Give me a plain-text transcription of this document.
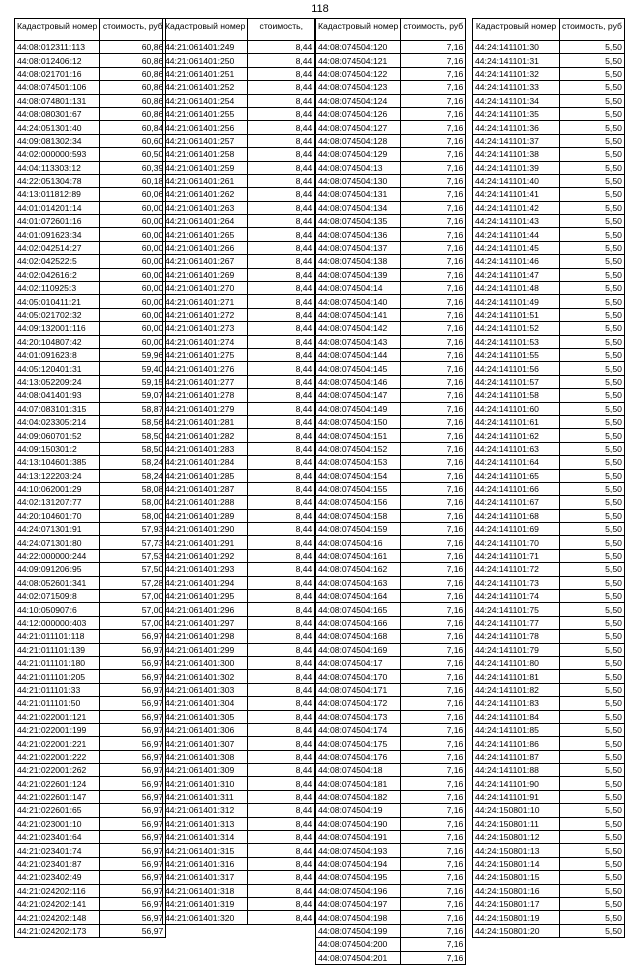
118
Кадастровый номер	стоимость, руб
44:08:012311:113	60,86
44:08:012406:12	60,86
44:08:021701:16	60,86
44:08:074501:106	60,86
44:08:074801:131	60,86
44:08:080301:67	60,86
44:24:051301:40	60,84
44:09:081302:34	60,60
44:02:000000:593	60,50
44:04:113303:12	60,39
44:22:051304:78	60,18
44:13:011812:89	60,06
44:01:014201:14	60,00
44:01:072601:16	60,00
44:01:091623:34	60,00
44:02:042514:27	60,00
44:02:042522:5	60,00
44:02:042616:2	60,00
44:02:110925:3	60,00
44:05:010411:21	60,00
44:05:021702:32	60,00
44:09:132001:116	60,00
44:20:104807:42	60,00
44:01:091623:8	59,96
44:05:120401:31	59,40
44:13:052209:24	59,15
44:08:041401:93	59,07
44:07:083101:315	58,87
44:04:023305:214	58,56
44:09:060701:52	58,50
44:09:150301:2	58,50
44:13:104601:385	58,24
44:13:122203:24	58,24
44:10:062001:29	58,08
44:02:131207:77	58,00
44:20:104601:70	58,00
44:24:071301:91	57,93
44:24:071301:80	57,73
44:22:000000:244	57,53
44:09:091206:95	57,50
44:08:052601:341	57,28
44:02:071509:8	57,00
44:10:050907:6	57,00
44:12:000000:403	57,00
44:21:011101:118	56,97
44:21:011101:139	56,97
44:21:011101:180	56,97
44:21:011101:205	56,97
44:21:011101:33	56,97
44:21:011101:50	56,97
44:21:022001:121	56,97
44:21:022001:199	56,97
44:21:022001:221	56,97
44:21:022001:222	56,97
44:21:022001:262	56,97
44:21:022601:124	56,97
44:21:022601:147	56,97
44:21:022601:65	56,97
44:21:023001:10	56,97
44:21:023401:64	56,97
44:21:023401:74	56,97
44:21:023401:87	56,97
44:21:023402:49	56,97
44:21:024202:116	56,97
44:21:024202:141	56,97
44:21:024202:148	56,97
44:21:024202:173	56,97
Кадастровый номер	стоимость,
44:21:061401:249	8,44
44:21:061401:250	8,44
44:21:061401:251	8,44
44:21:061401:252	8,44
44:21:061401:254	8,44
44:21:061401:255	8,44
44:21:061401:256	8,44
44:21:061401:257	8,44
44:21:061401:258	8,44
44:21:061401:259	8,44
44:21:061401:261	8,44
44:21:061401:262	8,44
44:21:061401:263	8,44
44:21:061401:264	8,44
44:21:061401:265	8,44
44:21:061401:266	8,44
44:21:061401:267	8,44
44:21:061401:269	8,44
44:21:061401:270	8,44
44:21:061401:271	8,44
44:21:061401:272	8,44
44:21:061401:273	8,44
44:21:061401:274	8,44
44:21:061401:275	8,44
44:21:061401:276	8,44
44:21:061401:277	8,44
44:21:061401:278	8,44
44:21:061401:279	8,44
44:21:061401:281	8,44
44:21:061401:282	8,44
44:21:061401:283	8,44
44:21:061401:284	8,44
44:21:061401:285	8,44
44:21:061401:287	8,44
44:21:061401:288	8,44
44:21:061401:289	8,44
44:21:061401:290	8,44
44:21:061401:291	8,44
44:21:061401:292	8,44
44:21:061401:293	8,44
44:21:061401:294	8,44
44:21:061401:295	8,44
44:21:061401:296	8,44
44:21:061401:297	8,44
44:21:061401:298	8,44
44:21:061401:299	8,44
44:21:061401:300	8,44
44:21:061401:302	8,44
44:21:061401:303	8,44
44:21:061401:304	8,44
44:21:061401:305	8,44
44:21:061401:306	8,44
44:21:061401:307	8,44
44:21:061401:308	8,44
44:21:061401:309	8,44
44:21:061401:310	8,44
44:21:061401:311	8,44
44:21:061401:312	8,44
44:21:061401:313	8,44
44:21:061401:314	8,44
44:21:061401:315	8,44
44:21:061401:316	8,44
44:21:061401:317	8,44
44:21:061401:318	8,44
44:21:061401:319	8,44
44:21:061401:320	8,44
Кадастровый номер	стоимость, руб
44:08:074504:120	7,16
44:08:074504:121	7,16
44:08:074504:122	7,16
44:08:074504:123	7,16
44:08:074504:124	7,16
44:08:074504:126	7,16
44:08:074504:127	7,16
44:08:074504:128	7,16
44:08:074504:129	7,16
44:08:074504:13	7,16
44:08:074504:130	7,16
44:08:074504:131	7,16
44:08:074504:134	7,16
44:08:074504:135	7,16
44:08:074504:136	7,16
44:08:074504:137	7,16
44:08:074504:138	7,16
44:08:074504:139	7,16
44:08:074504:14	7,16
44:08:074504:140	7,16
44:08:074504:141	7,16
44:08:074504:142	7,16
44:08:074504:143	7,16
44:08:074504:144	7,16
44:08:074504:145	7,16
44:08:074504:146	7,16
44:08:074504:147	7,16
44:08:074504:149	7,16
44:08:074504:150	7,16
44:08:074504:151	7,16
44:08:074504:152	7,16
44:08:074504:153	7,16
44:08:074504:154	7,16
44:08:074504:155	7,16
44:08:074504:156	7,16
44:08:074504:158	7,16
44:08:074504:159	7,16
44:08:074504:16	7,16
44:08:074504:161	7,16
44:08:074504:162	7,16
44:08:074504:163	7,16
44:08:074504:164	7,16
44:08:074504:165	7,16
44:08:074504:166	7,16
44:08:074504:168	7,16
44:08:074504:169	7,16
44:08:074504:17	7,16
44:08:074504:170	7,16
44:08:074504:171	7,16
44:08:074504:172	7,16
44:08:074504:173	7,16
44:08:074504:174	7,16
44:08:074504:175	7,16
44:08:074504:176	7,16
44:08:074504:18	7,16
44:08:074504:181	7,16
44:08:074504:182	7,16
44:08:074504:19	7,16
44:08:074504:190	7,16
44:08:074504:191	7,16
44:08:074504:193	7,16
44:08:074504:194	7,16
44:08:074504:195	7,16
44:08:074504:196	7,16
44:08:074504:197	7,16
44:08:074504:198	7,16
44:08:074504:199	7,16
44:08:074504:200	7,16
44:08:074504:201	7,16
Кадастровый номер	стоимость, руб
44:24:141101:30	5,50
44:24:141101:31	5,50
44:24:141101:32	5,50
44:24:141101:33	5,50
44:24:141101:34	5,50
44:24:141101:35	5,50
44:24:141101:36	5,50
44:24:141101:37	5,50
44:24:141101:38	5,50
44:24:141101:39	5,50
44:24:141101:40	5,50
44:24:141101:41	5,50
44:24:141101:42	5,50
44:24:141101:43	5,50
44:24:141101:44	5,50
44:24:141101:45	5,50
44:24:141101:46	5,50
44:24:141101:47	5,50
44:24:141101:48	5,50
44:24:141101:49	5,50
44:24:141101:51	5,50
44:24:141101:52	5,50
44:24:141101:53	5,50
44:24:141101:55	5,50
44:24:141101:56	5,50
44:24:141101:57	5,50
44:24:141101:58	5,50
44:24:141101:60	5,50
44:24:141101:61	5,50
44:24:141101:62	5,50
44:24:141101:63	5,50
44:24:141101:64	5,50
44:24:141101:65	5,50
44:24:141101:66	5,50
44:24:141101:67	5,50
44:24:141101:68	5,50
44:24:141101:69	5,50
44:24:141101:70	5,50
44:24:141101:71	5,50
44:24:141101:72	5,50
44:24:141101:73	5,50
44:24:141101:74	5,50
44:24:141101:75	5,50
44:24:141101:77	5,50
44:24:141101:78	5,50
44:24:141101:79	5,50
44:24:141101:80	5,50
44:24:141101:81	5,50
44:24:141101:82	5,50
44:24:141101:83	5,50
44:24:141101:84	5,50
44:24:141101:85	5,50
44:24:141101:86	5,50
44:24:141101:87	5,50
44:24:141101:88	5,50
44:24:141101:90	5,50
44:24:141101:91	5,50
44:24:150801:10	5,50
44:24:150801:11	5,50
44:24:150801:12	5,50
44:24:150801:13	5,50
44:24:150801:14	5,50
44:24:150801:15	5,50
44:24:150801:16	5,50
44:24:150801:17	5,50
44:24:150801:19	5,50
44:24:150801:20	5,50
